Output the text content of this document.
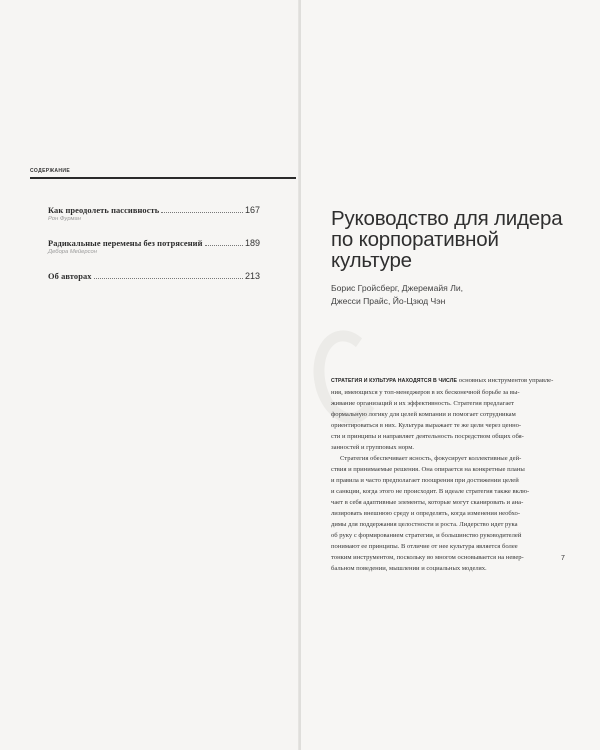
СОДЕРЖАНИЕ
Как преодолеть пассивность	167
Рон Фурман
Радикальные перемены без потрясений	189
Дебора Мейерсон
Об авторах	213
Руководство для лидера
по корпоративной
культуре
Борис Гройсберг, Джеремайя Ли,
Джесси Прайс, Йо-Цзюд Чэн
СТРАТЕГИЯ И КУЛЬТУРА НАХОДЯТСЯ В ЧИСЛЕ основных инструментов управле-
ния, имеющихся у топ-менеджеров в их бесконечной борьбе за вы-
живание организаций и их эффективность. Стратегия предлагает
формальную логику для целей компании и помогает сотрудникам
ориентироваться в них. Культура выражает те же цели через ценно-
сти и принципы и направляет деятельность посредством общих обя-
занностей и групповых норм.
Стратегия обеспечивает ясность, фокусирует коллективные дей-
ствия и принимаемые решения. Она опирается на конкретные планы
и правила и часто предполагает поощрения при достижении целей
и санкции, когда этого не происходит. В идеале стратегия также вклю-
чает в себя адаптивные элементы, которые могут сканировать и ана-
лизировать внешнюю среду и определять, когда изменения необхо-
димы для поддержания целостности и роста. Лидерство идет рука
об руку с формированием стратегии, и большинство руководителей
понимают ее принципы. В отличие от нее культура является более
тонким инструментом, поскольку во многом основывается на невер-
бальном поведении, мышлении и социальных моделях.
7
